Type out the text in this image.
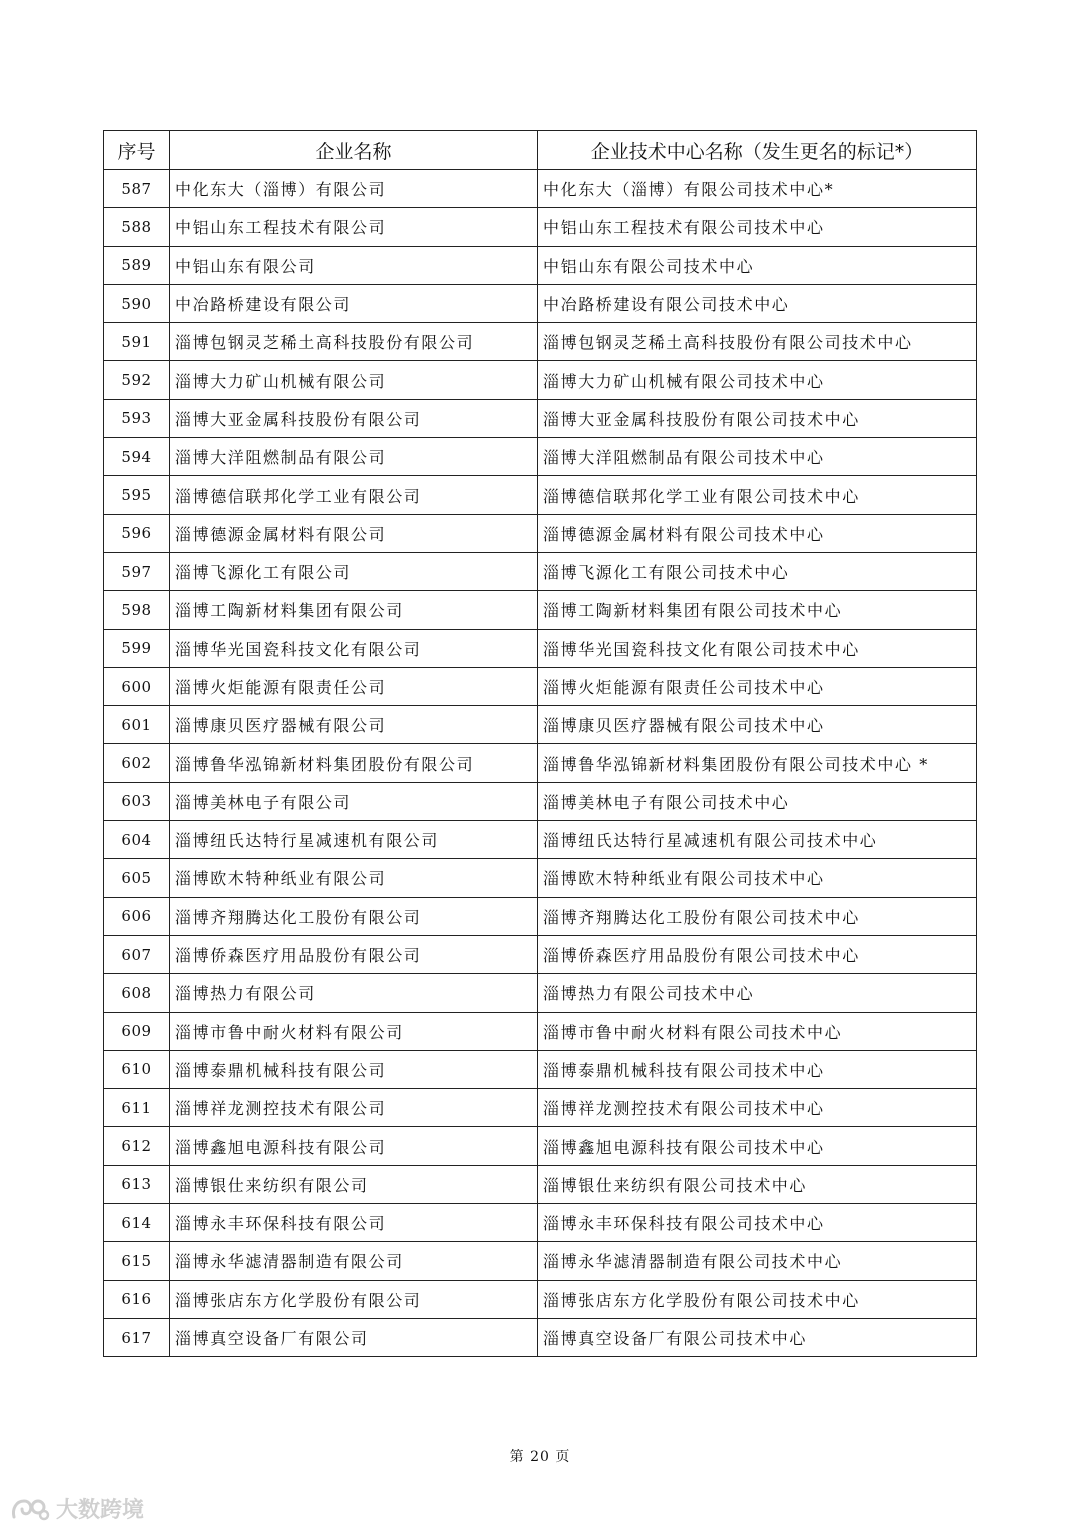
序号	企业名称	企业技术中心名称（发生更名的标记*）
587	中化东大（淄博）有限公司	中化东大（淄博）有限公司技术中心*
588	中铝山东工程技术有限公司	中铝山东工程技术有限公司技术中心
589	中铝山东有限公司	中铝山东有限公司技术中心
590	中冶路桥建设有限公司	中冶路桥建设有限公司技术中心
591	淄博包钢灵芝稀土高科技股份有限公司	淄博包钢灵芝稀土高科技股份有限公司技术中心
592	淄博大力矿山机械有限公司	淄博大力矿山机械有限公司技术中心
593	淄博大亚金属科技股份有限公司	淄博大亚金属科技股份有限公司技术中心
594	淄博大洋阻燃制品有限公司	淄博大洋阻燃制品有限公司技术中心
595	淄博德信联邦化学工业有限公司	淄博德信联邦化学工业有限公司技术中心
596	淄博德源金属材料有限公司	淄博德源金属材料有限公司技术中心
597	淄博飞源化工有限公司	淄博飞源化工有限公司技术中心
598	淄博工陶新材料集团有限公司	淄博工陶新材料集团有限公司技术中心
599	淄博华光国瓷科技文化有限公司	淄博华光国瓷科技文化有限公司技术中心
600	淄博火炬能源有限责任公司	淄博火炬能源有限责任公司技术中心
601	淄博康贝医疗器械有限公司	淄博康贝医疗器械有限公司技术中心
602	淄博鲁华泓锦新材料集团股份有限公司	淄博鲁华泓锦新材料集团股份有限公司技术中心 *
603	淄博美林电子有限公司	淄博美林电子有限公司技术中心
604	淄博纽氏达特行星减速机有限公司	淄博纽氏达特行星减速机有限公司技术中心
605	淄博欧木特种纸业有限公司	淄博欧木特种纸业有限公司技术中心
606	淄博齐翔腾达化工股份有限公司	淄博齐翔腾达化工股份有限公司技术中心
607	淄博侨森医疗用品股份有限公司	淄博侨森医疗用品股份有限公司技术中心
608	淄博热力有限公司	淄博热力有限公司技术中心
609	淄博市鲁中耐火材料有限公司	淄博市鲁中耐火材料有限公司技术中心
610	淄博泰鼎机械科技有限公司	淄博泰鼎机械科技有限公司技术中心
611	淄博祥龙测控技术有限公司	淄博祥龙测控技术有限公司技术中心
612	淄博鑫旭电源科技有限公司	淄博鑫旭电源科技有限公司技术中心
613	淄博银仕来纺织有限公司	淄博银仕来纺织有限公司技术中心
614	淄博永丰环保科技有限公司	淄博永丰环保科技有限公司技术中心
615	淄博永华滤清器制造有限公司	淄博永华滤清器制造有限公司技术中心
616	淄博张店东方化学股份有限公司	淄博张店东方化学股份有限公司技术中心
617	淄博真空设备厂有限公司	淄博真空设备厂有限公司技术中心
第 20 页
大数跨境
